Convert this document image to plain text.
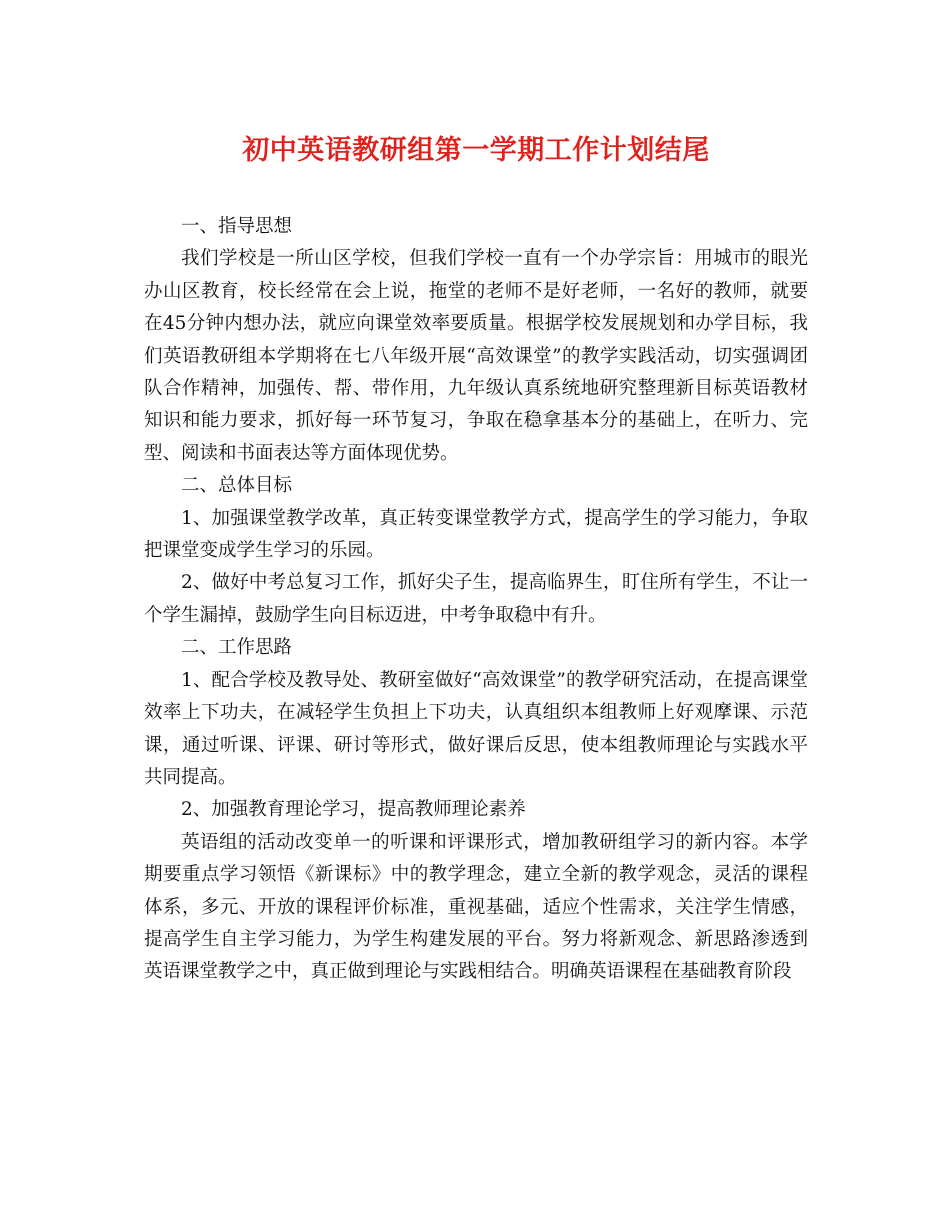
初中英语教研组第一学期工作计划结尾

一、指导思想

我们学校是一所山区学校，但我们学校一直有一个办学宗旨：用城市的眼光办山区教育，校长经常在会上说，拖堂的老师不是好老师，一名好的教师，就要在45分钟内想办法，就应向课堂效率要质量。根据学校发展规划和办学目标，我们英语教研组本学期将在七八年级开展“高效课堂”的教学实践活动，切实强调团队合作精神，加强传、帮、带作用，九年级认真系统地研究整理新目标英语教材知识和能力要求，抓好每一环节复习，争取在稳拿基本分的基础上，在听力、完型、阅读和书面表达等方面体现优势。

二、总体目标

1、加强课堂教学改革，真正转变课堂教学方式，提高学生的学习能力，争取把课堂变成学生学习的乐园。

2、做好中考总复习工作，抓好尖子生，提高临界生，盯住所有学生，不让一个学生漏掉，鼓励学生向目标迈进，中考争取稳中有升。

二、工作思路

1、配合学校及教导处、教研室做好“高效课堂”的教学研究活动，在提高课堂效率上下功夫，在减轻学生负担上下功夫，认真组织本组教师上好观摩课、示范课，通过听课、评课、研讨等形式，做好课后反思，使本组教师理论与实践水平共同提高。

2、加强教育理论学习，提高教师理论素养

英语组的活动改变单一的听课和评课形式，增加教研组学习的新内容。本学期要重点学习领悟《新课标》中的教学理念，建立全新的教学观念，灵活的课程体系，多元、开放的课程评价标准，重视基础，适应个性需求，关注学生情感，提高学生自主学习能力，为学生构建发展的平台。努力将新观念、新思路渗透到英语课堂教学之中，真正做到理论与实践相结合。明确英语课程在基础教育阶段
